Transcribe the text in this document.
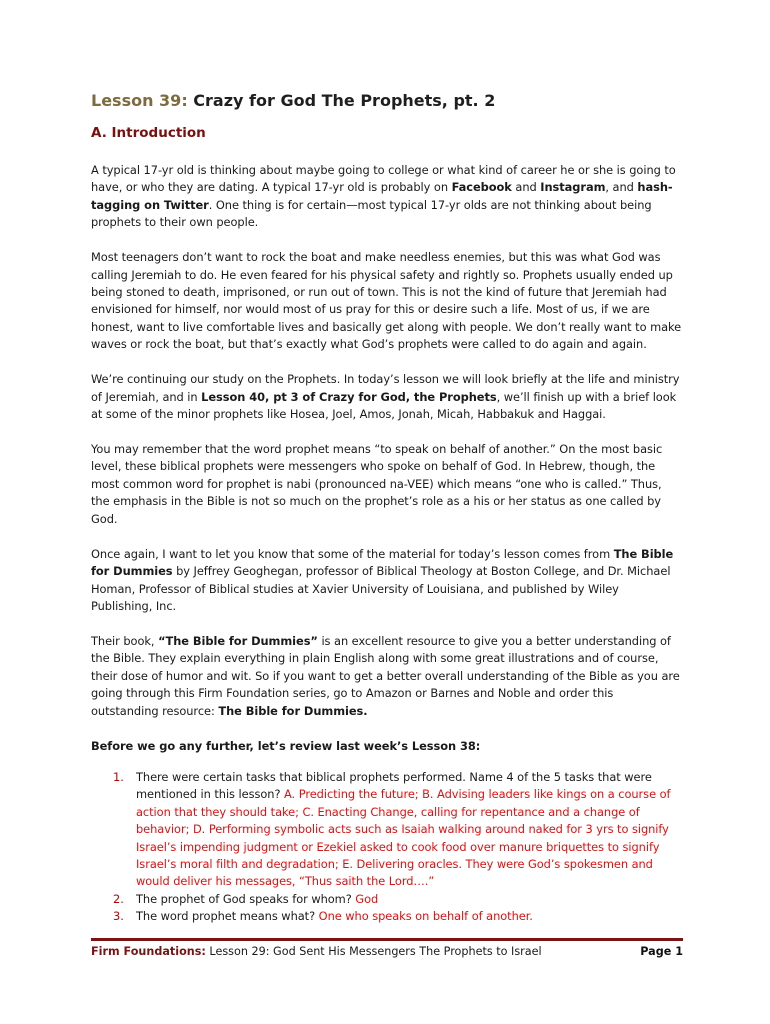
Lesson 39: Crazy for God The Prophets, pt. 2
A. Introduction

A typical 17-yr old is thinking about maybe going to college or what kind of career he or she is going to have, or who they are dating. A typical 17-yr old is probably on Facebook and Instagram, and hash-tagging on Twitter. One thing is for certain—most typical 17-yr olds are not thinking about being prophets to their own people.

Most teenagers don’t want to rock the boat and make needless enemies, but this was what God was calling Jeremiah to do. He even feared for his physical safety and rightly so. Prophets usually ended up being stoned to death, imprisoned, or run out of town. This is not the kind of future that Jeremiah had envisioned for himself, nor would most of us pray for this or desire such a life. Most of us, if we are honest, want to live comfortable lives and basically get along with people. We don’t really want to make waves or rock the boat, but that’s exactly what God’s prophets were called to do again and again.

We’re continuing our study on the Prophets. In today’s lesson we will look briefly at the life and ministry of Jeremiah, and in Lesson 40, pt 3 of Crazy for God, the Prophets, we’ll finish up with a brief look at some of the minor prophets like Hosea, Joel, Amos, Jonah, Micah, Habbakuk and Haggai.

You may remember that the word prophet means “to speak on behalf of another.” On the most basic level, these biblical prophets were messengers who spoke on behalf of God. In Hebrew, though, the most common word for prophet is nabi (pronounced na-VEE) which means “one who is called.” Thus, the emphasis in the Bible is not so much on the prophet’s role as a his or her status as one called by God.

Once again, I want to let you know that some of the material for today’s lesson comes from The Bible for Dummies by Jeffrey Geoghegan, professor of Biblical Theology at Boston College, and Dr. Michael Homan, Professor of Biblical studies at Xavier University of Louisiana, and published by Wiley Publishing, Inc.

Their book, “The Bible for Dummies” is an excellent resource to give you a better understanding of the Bible. They explain everything in plain English along with some great illustrations and of course, their dose of humor and wit. So if you want to get a better overall understanding of the Bible as you are going through this Firm Foundation series, go to Amazon or Barnes and Noble and order this outstanding resource: The Bible for Dummies.

Before we go any further, let’s review last week’s Lesson 38:

1. There were certain tasks that biblical prophets performed. Name 4 of the 5 tasks that were mentioned in this lesson? A. Predicting the future; B. Advising leaders like kings on a course of action that they should take; C. Enacting Change, calling for repentance and a change of behavior; D. Performing symbolic acts such as Isaiah walking around naked for 3 yrs to signify Israel’s impending judgment or Ezekiel asked to cook food over manure briquettes to signify Israel’s moral filth and degradation; E. Delivering oracles. They were God’s spokesmen and would deliver his messages, “Thus saith the Lord….”
2. The prophet of God speaks for whom? God
3. The word prophet means what? One who speaks on behalf of another.
Firm Foundations: Lesson 29: God Sent His Messengers The Prophets to Israel	Page 1
